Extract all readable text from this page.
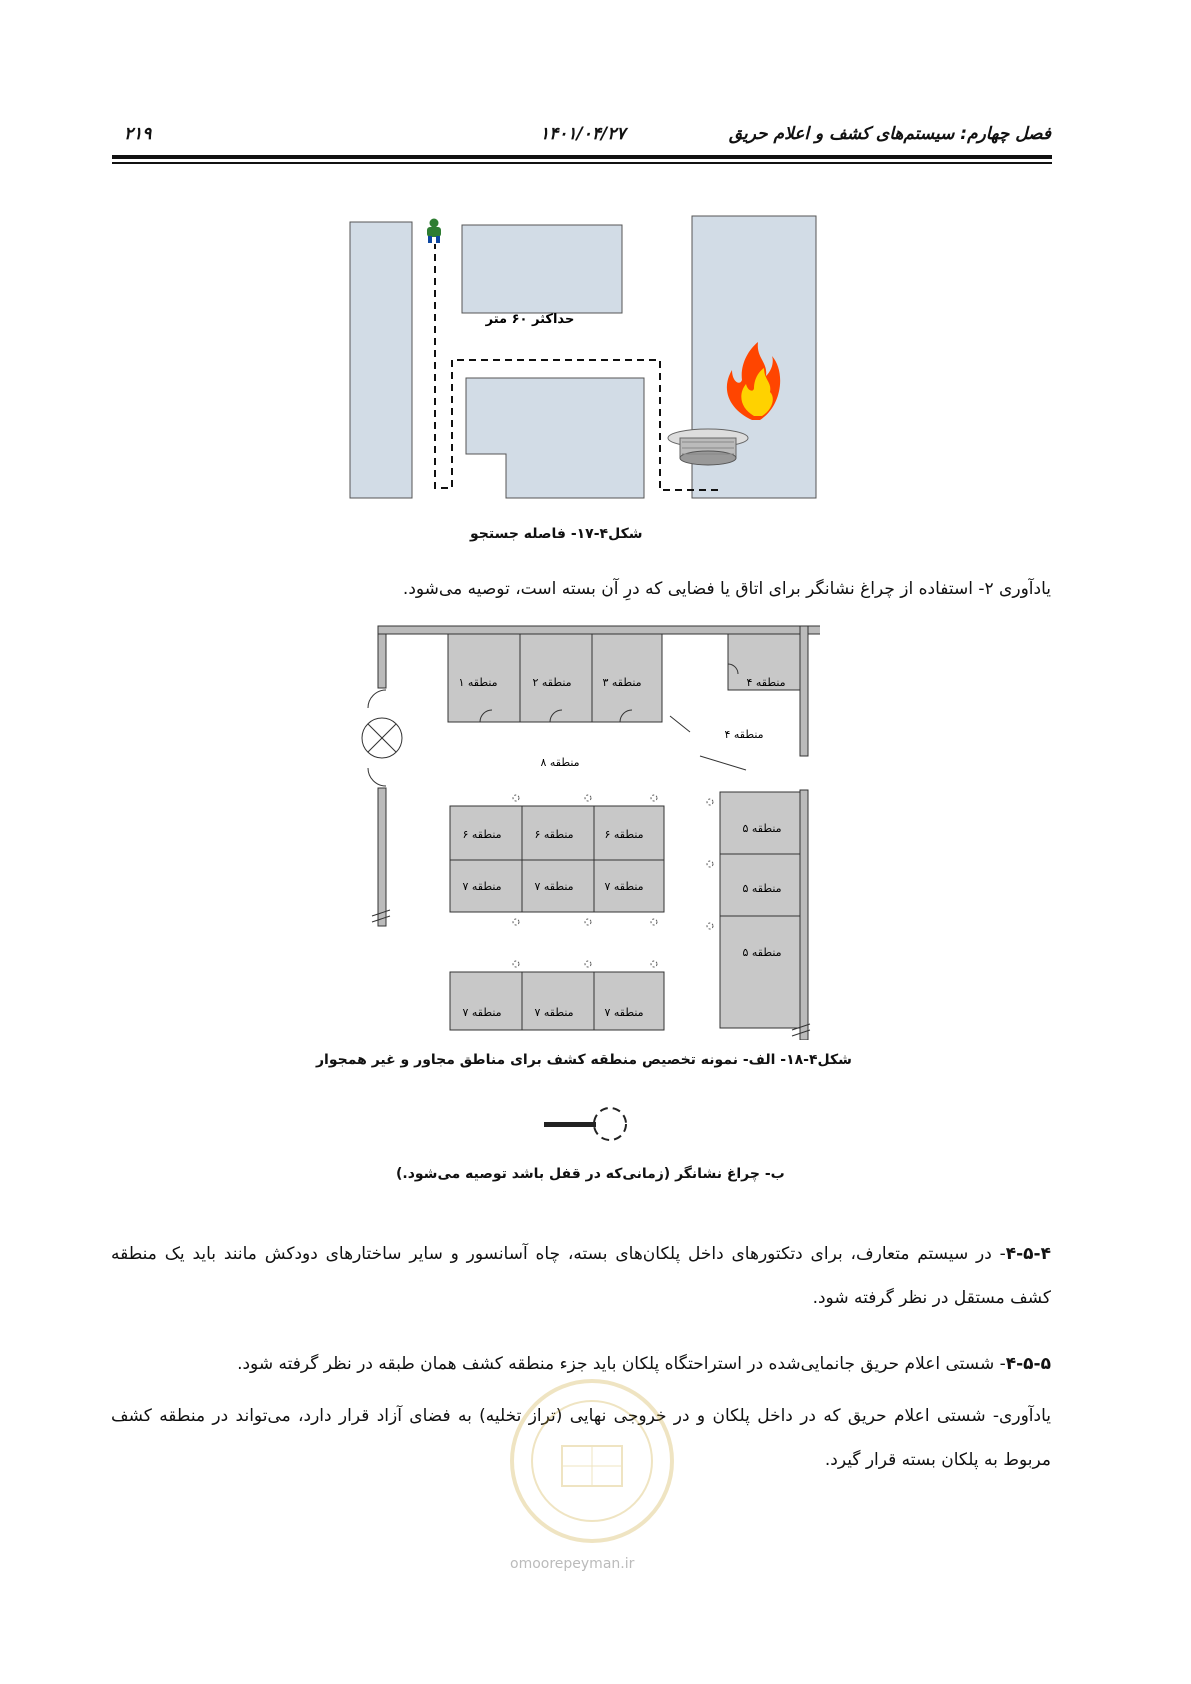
فصل چهارم: سیستم‌های کشف و اعلام حریق
۱۴۰۱/۰۴/۲۷
۲۱۹
حداکثر ۶۰ متر
شکل۴-۱۷- فاصله جستجو
یادآوری ۲- استفاده از چراغ نشانگر برای اتاق یا فضایی که درِ آن بسته است، توصیه می‌شود.
منطقه ۱	منطقه ۲	منطقه ۳	منطقه ۴
منطقه ۴
منطقه ۸
منطقه ۶	منطقه ۶	منطقه ۶
منطقه ۷	منطقه ۷	منطقه ۷
منطقه ۷	منطقه ۷	منطقه ۷
منطقه ۵
منطقه ۵
منطقه ۵
شکل۴-۱۸- الف- نمونه تخصیص منطقه کشف برای مناطق مجاور و غیر همجوار
ب- چراغ نشانگر (زمانی‌که در قفل باشد توصیه می‌شود.)
۴-۵-۴- در سیستم متعارف، برای دتکتورهای داخل پلکان‌های بسته، چاه آسانسور و سایر ساختارهای دودکش مانند باید یک منطقه کشف مستقل در نظر گرفته شود.
۴-۵-۵- شستی اعلام حریق جانمایی‌شده در استراحتگاه پلکان باید جزء منطقه کشف همان طبقه در نظر گرفته شود.
یادآوری- شستی اعلام حریق که در داخل پلکان و در خروجی نهایی (تراز تخلیه) به فضای آزاد قرار دارد، می‌تواند در منطقه کشف مربوط به پلکان بسته قرار گیرد.
omoorepeyman.ir
